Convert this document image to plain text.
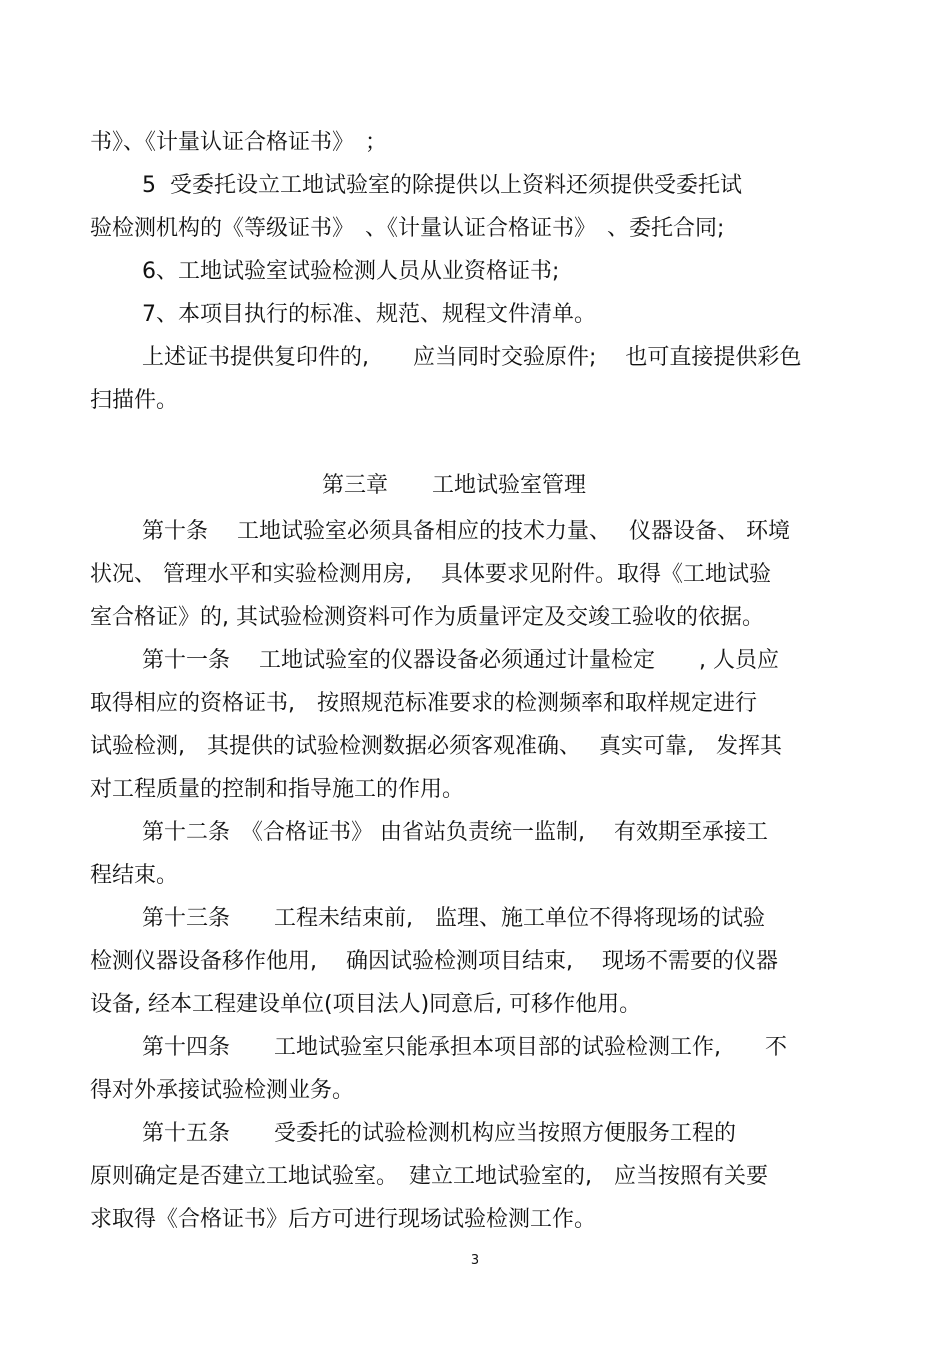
书》、《计量认证合格证书》　；
5  受委托设立工地试验室的除提供以上资料还须提供受委托试
验检测机构的《等级证书》　、《计量认证合格证书》　、委托合同;
6、工地试验室试验检测人员从业资格证书;
7、本项目执行的标准、规范、规程文件清单。
上述证书提供复印件的,　　应当同时交验原件;　 也可直接提供彩色
扫描件。
第三章　　工地试验室管理
第十条　 工地试验室必须具备相应的技术力量、　 仪器设备、 环境
状况、 管理水平和实验检测用房,　 具体要求见附件。取得《工地试验
室合格证》的, 其试验检测资料可作为质量评定及交竣工验收的依据。
第十一条　 工地试验室的仪器设备必须通过计量检定　　, 人员应
取得相应的资格证书,　按照规范标准要求的检测频率和取样规定进行
试验检测,　其提供的试验检测数据必须客观准确、　 真实可靠,　发挥其
对工程质量的控制和指导施工的作用。
第十二条　《合格证书》 由省站负责统一监制,　 有效期至承接工
程结束。
第十三条　　工程未结束前,　监理、施工单位不得将现场的试验
检测仪器设备移作他用,　 确因试验检测项目结束,　 现场不需要的仪器
设备, 经本工程建设单位(项目法人)同意后, 可移作他用。
第十四条　　工地试验室只能承担本项目部的试验检测工作,　　不
得对外承接试验检测业务。
第十五条　　受委托的试验检测机构应当按照方便服务工程的
原则确定是否建立工地试验室。　建立工地试验室的,　应当按照有关要
求取得《合格证书》后方可进行现场试验检测工作。
3
